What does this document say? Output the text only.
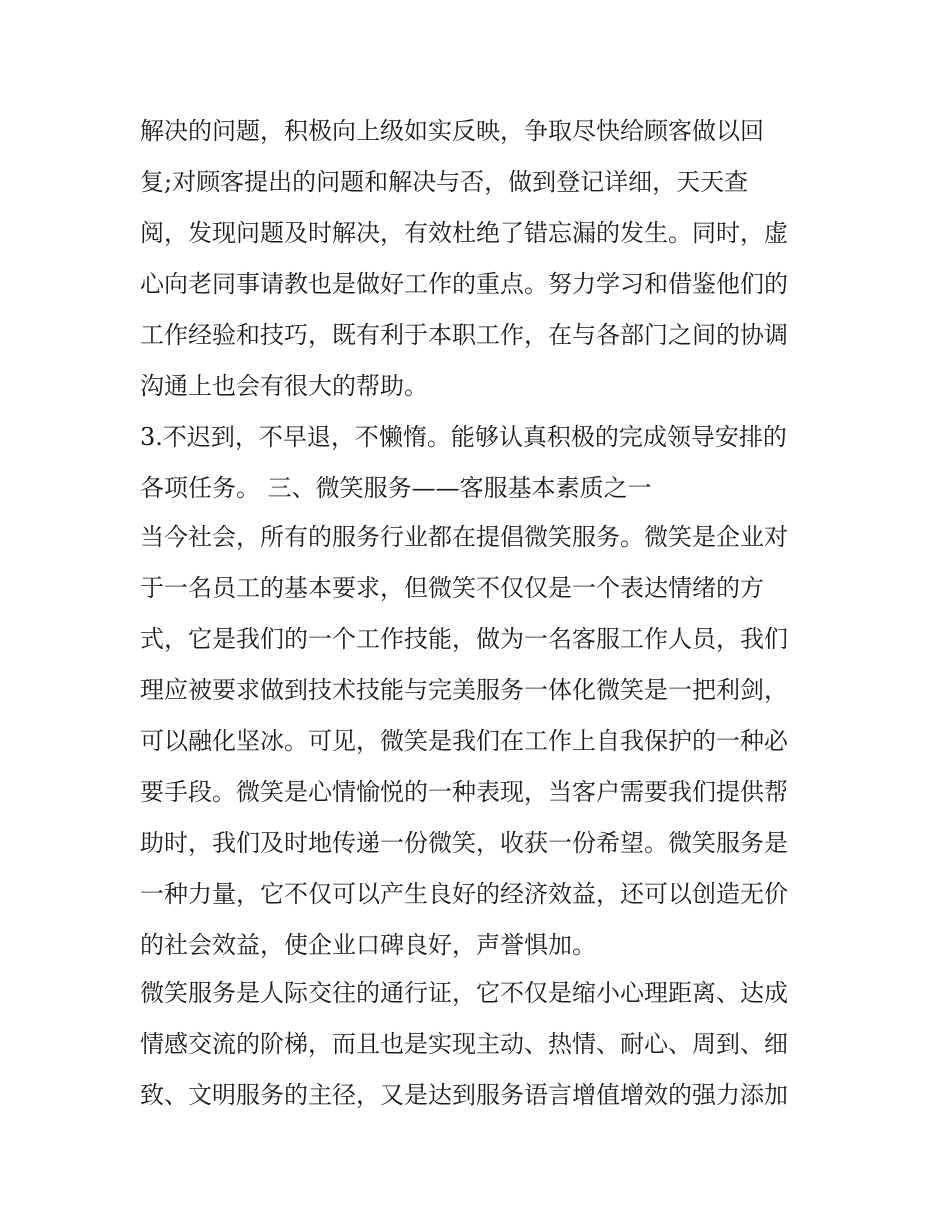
解决的问题，积极向上级如实反映，争取尽快给顾客做以回
复;对顾客提出的问题和解决与否，做到登记详细，天天查
阅，发现问题及时解决，有效杜绝了错忘漏的发生。同时，虚
心向老同事请教也是做好工作的重点。努力学习和借鉴他们的
工作经验和技巧，既有利于本职工作，在与各部门之间的协调
沟通上也会有很大的帮助。
3.不迟到，不早退，不懒惰。能够认真积极的完成领导安排的
各项任务。 三、微笑服务——客服基本素质之一
当今社会，所有的服务行业都在提倡微笑服务。微笑是企业对
于一名员工的基本要求，但微笑不仅仅是一个表达情绪的方
式，它是我们的一个工作技能，做为一名客服工作人员，我们
理应被要求做到技术技能与完美服务一体化微笑是一把利剑，
可以融化坚冰。可见，微笑是我们在工作上自我保护的一种必
要手段。微笑是心情愉悦的一种表现，当客户需要我们提供帮
助时，我们及时地传递一份微笑，收获一份希望。微笑服务是
一种力量，它不仅可以产生良好的经济效益，还可以创造无价
的社会效益，使企业口碑良好，声誉惧加。
微笑服务是人际交往的通行证，它不仅是缩小心理距离、达成
情感交流的阶梯，而且也是实现主动、热情、耐心、周到、细
致、文明服务的主径，又是达到服务语言增值增效的强力添加
